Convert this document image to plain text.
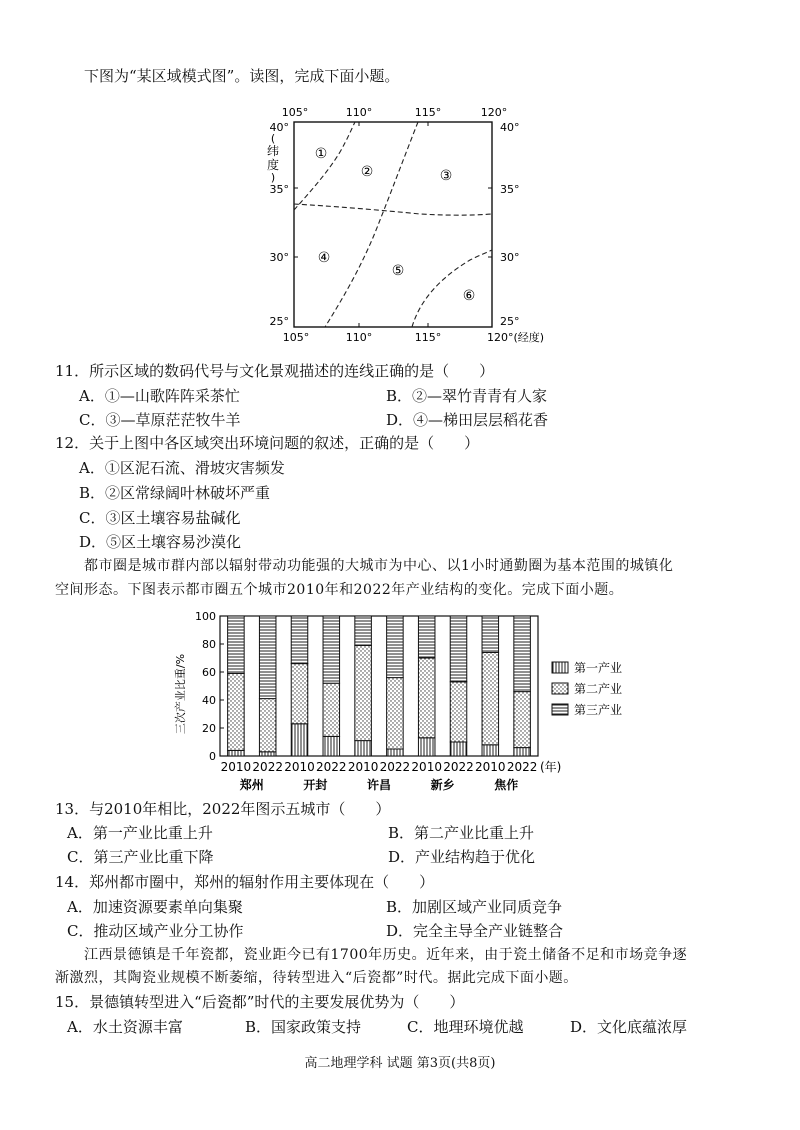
下图为“某区域模式图”。读图，完成下面小题。
105°	110°	115°	120°
105°	110°	115°	120°(经度)
40°
35°
30°
25°
40°
35°
30°
25°
(
纬
度
)
①
②	③
④
⑤
⑥
11．所示区域的数码代号与文化景观描述的连线正确的是（　　）
A．①—山歌阵阵采茶忙	B．②—翠竹青青有人家
C．③—草原茫茫牧牛羊	D．④—梯田层层稻花香
12．关于上图中各区域突出环境问题的叙述，正确的是（　　）
A．①区泥石流、滑坡灾害频发
B．②区常绿阔叶林破坏严重
C．③区土壤容易盐碱化
D．⑤区土壤容易沙漠化
都市圈是城市群内部以辐射带动功能强的大城市为中心、以1小时通勤圈为基本范围的城镇化
空间形态。下图表示都市圈五个城市2010年和2022年产业结构的变化。完成下面小题。
0
20
40
60
80
100
2010 2022 2010 2022 2010 2022 2010 2022 2010 2022 (年)
郑州	开封	许昌	新乡	焦作
第一产业
第二产业
第三产业
三次产业比重/%
13．与2010年相比，2022年图示五城市（　　）
A．第一产业比重上升	B．第二产业比重上升
C．第三产业比重下降	D．产业结构趋于优化
14．郑州都市圈中，郑州的辐射作用主要体现在（　　）
A．加速资源要素单向集聚	B．加剧区域产业同质竞争
C．推动区域产业分工协作	D．完全主导全产业链整合
江西景德镇是千年瓷都，瓷业距今已有1700年历史。近年来，由于瓷土储备不足和市场竞争逐
渐激烈，其陶瓷业规模不断萎缩，待转型进入“后瓷都”时代。据此完成下面小题。
15．景德镇转型进入“后瓷都”时代的主要发展优势为（　　）
A．水土资源丰富	B．国家政策支持	C．地理环境优越	D．文化底蕴浓厚
高二地理学科 试题 第3页(共8页)
